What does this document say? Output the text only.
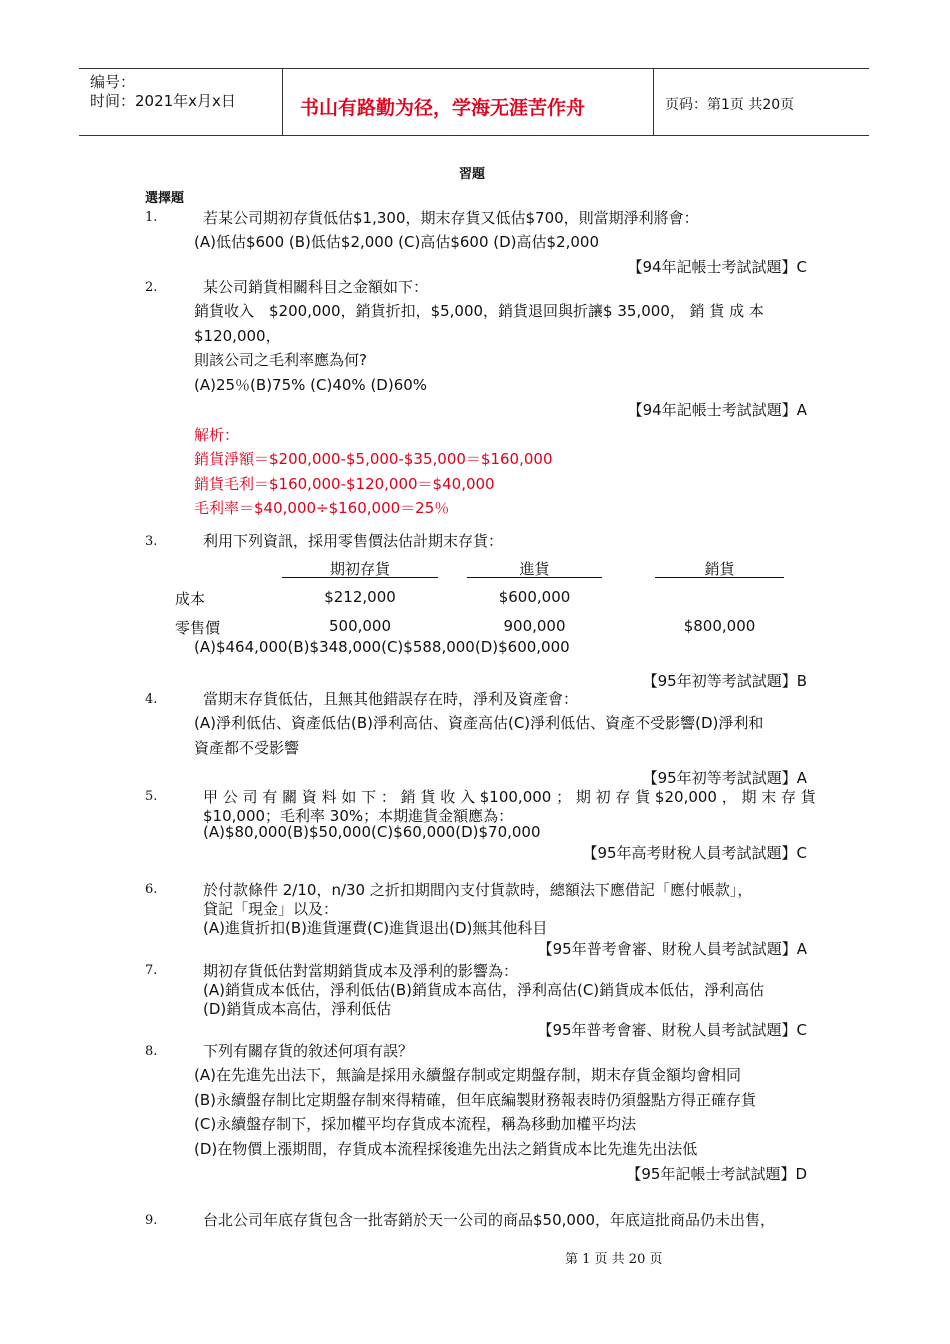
编号：
时间：2021年x月x日	书山有路勤为径，学海无涯苦作舟	页码：第1页 共20页
習題
選擇題
1.	若某公司期初存貨低估$1,300，期末存貨又低估$700，則當期淨利將會：
(A)低估$600 (B)低估$2,000 (C)高估$600 (D)高估$2,000
【94年記帳士考試試題】C
2.	某公司銷貨相關科目之金額如下：
銷貨收入　$200,000，銷貨折扣，$5,000，銷貨退回與折讓$ 35,000， 銷 貨 成 本
$120,000，
則該公司之毛利率應為何?
(A)25％(B)75% (C)40% (D)60%
【94年記帳士考試試題】A
解析：
銷貨淨額＝$200,000-$5,000-$35,000＝$160,000
銷貨毛利＝$160,000-$120,000＝$40,000
毛利率＝$40,000÷$160,000＝25％
3.	利用下列資訊，採用零售價法估計期末存貨：
期初存貨	進貨	銷貨
成本	$212,000	$600,000
零售價	500,000	900,000	$800,000
(A)$464,000(B)$348,000(C)$588,000(D)$600,000
【95年初等考試試題】B
4.	當期末存貨低估，且無其他錯誤存在時，淨利及資產會：
(A)淨利低估、資產低估(B)淨利高估、資產高估(C)淨利低估、資產不受影響(D)淨利和
資產都不受影響
【95年初等考試試題】A
5.	甲 公 司 有 關 資 料 如 下 ： 銷 貨 收 入 $100,000 ； 期 初 存 貨 $20,000 ， 期 末 存 貨
$10,000；毛利率 30%；本期進貨金額應為：
(A)$80,000(B)$50,000(C)$60,000(D)$70,000
【95年高考財稅人員考試試題】C
6.	於付款條件 2/10，n/30 之折扣期間內支付貨款時，總額法下應借記「應付帳款」，
貸記「現金」以及：
(A)進貨折扣(B)進貨運費(C)進貨退出(D)無其他科目
【95年普考會審、財稅人員考試試題】A
7.	期初存貨低估對當期銷貨成本及淨利的影響為：
(A)銷貨成本低估，淨利低估(B)銷貨成本高估，淨利高估(C)銷貨成本低估，淨利高估
(D)銷貨成本高估，淨利低估
【95年普考會審、財稅人員考試試題】C
8.	下列有關存貨的敘述何項有誤？
(A)在先進先出法下，無論是採用永續盤存制或定期盤存制，期末存貨金額均會相同
(B)永續盤存制比定期盤存制來得精確，但年底編製財務報表時仍須盤點方得正確存貨
(C)永續盤存制下，採加權平均存貨成本流程，稱為移動加權平均法
(D)在物價上漲期間，存貨成本流程採後進先出法之銷貨成本比先進先出法低
【95年記帳士考試試題】D
9.	台北公司年底存貨包含一批寄銷於天一公司的商品$50,000，年底這批商品仍未出售，
第 1 页 共 20 页
